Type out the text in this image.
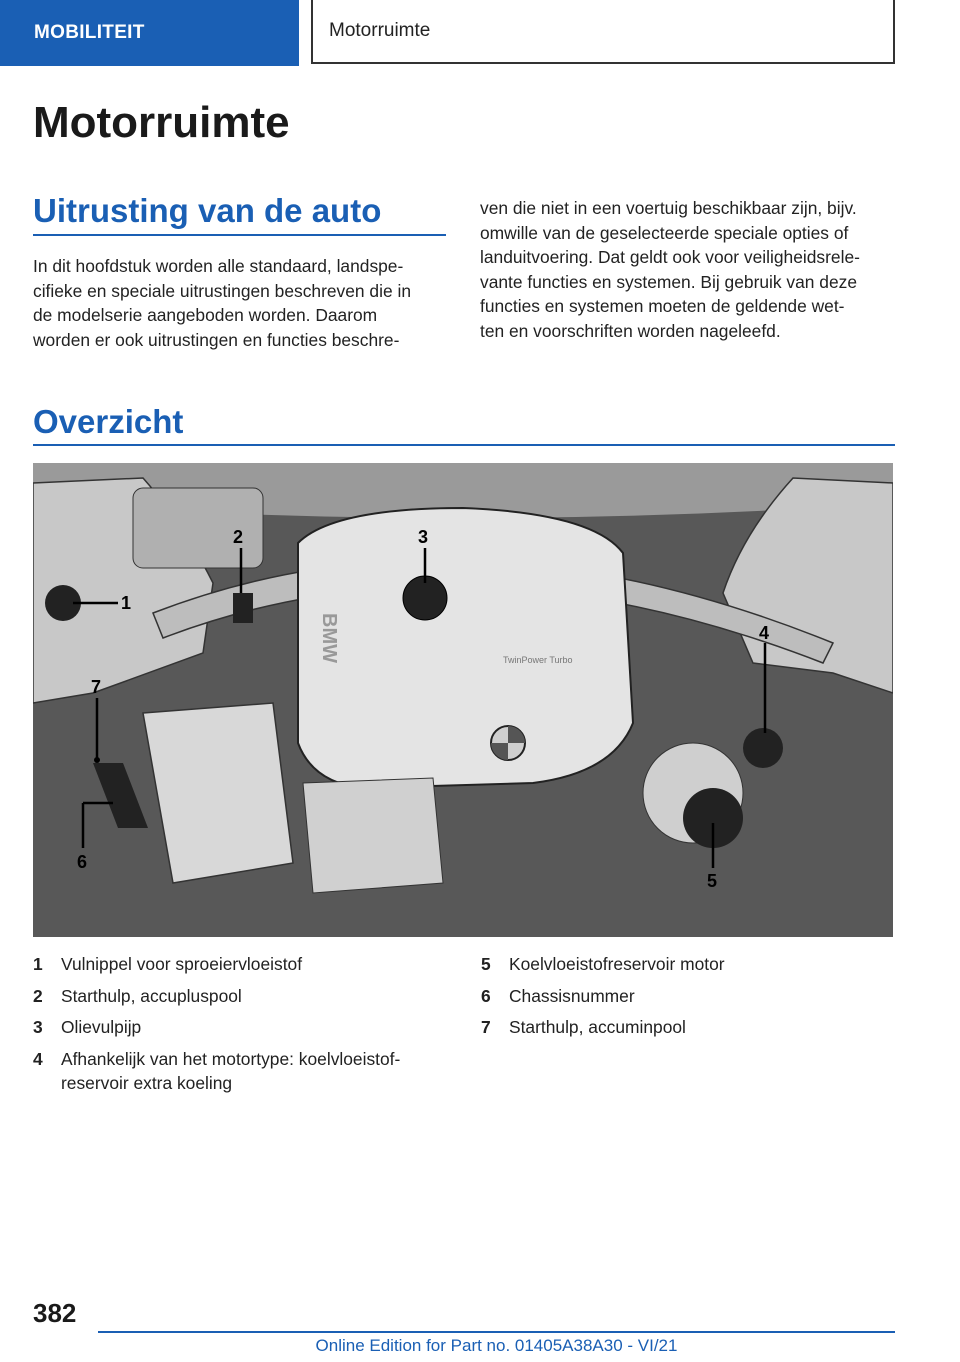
MOBILITEIT	Motorruimte
Motorruimte
Uitrusting van de auto
In dit hoofdstuk worden alle standaard, landspe‐
cifieke en speciale uitrustingen beschreven die in
de modelserie aangeboden worden. Daarom
worden er ook uitrustingen en functies beschre‐
ven die niet in een voertuig beschikbaar zijn, bijv.
omwille van de geselecteerde speciale opties of
landuitvoering. Dat geldt ook voor veiligheidsrele‐
vante functies en systemen. Bij gebruik van deze
functies en systemen moeten de geldende wet‐
ten en voorschriften worden nageleefd.
Overzicht
BMW	TwinPower Turbo
1
2	3
4
5
6
7
1 Vulnippel voor sproeiervloeistof
2 Starthulp, accupluspool
3 Olievulpijp
4 Afhankelijk van het motortype: koelvloeistof‐
reservoir extra koeling
5 Koelvloeistofreservoir motor
6 Chassisnummer
7 Starthulp, accuminpool
382
Online Edition for Part no. 01405A38A30 - VI/21
